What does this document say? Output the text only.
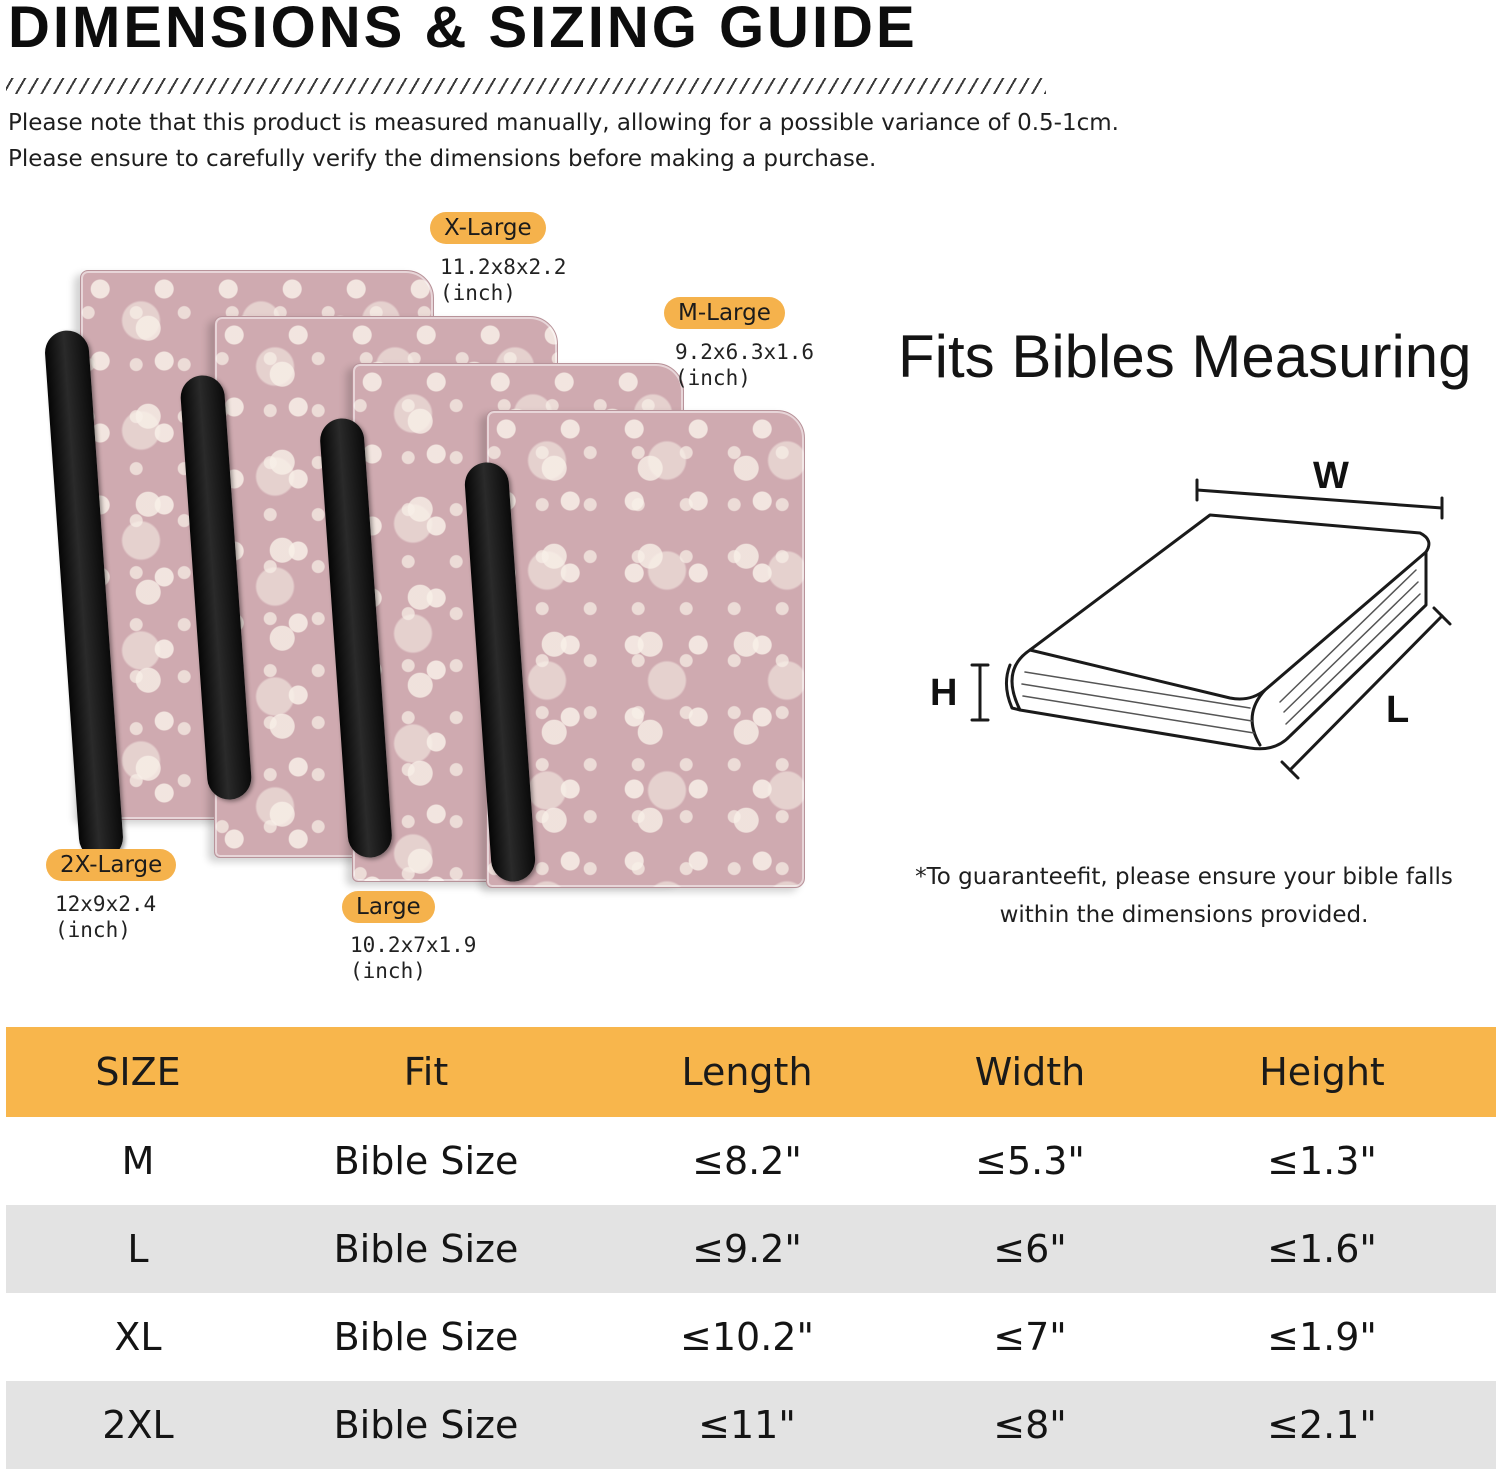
DIMENSIONS & SIZING GUIDE
Please note that this product is measured manually, allowing for a possible variance of 0.5-1cm.
Please ensure to carefully verify the dimensions before making a purchase.
X-Large
11.2x8x2.2
(inch)
M-Large
9.2x6.3x1.6
(inch)
2X-Large
12x9x2.4
(inch)
Large
10.2x7x1.9
(inch)
Fits Bibles Measuring
W
H	L
*To guaranteefit, please ensure your bible falls
within the dimensions provided.
SIZE	Fit	Length	Width	Height
M	Bible Size	≤8.2"	≤5.3"	≤1.3"
L	Bible Size	≤9.2"	≤6"	≤1.6"
XL	Bible Size	≤10.2"	≤7"	≤1.9"
2XL	Bible Size	≤11"	≤8"	≤2.1"
